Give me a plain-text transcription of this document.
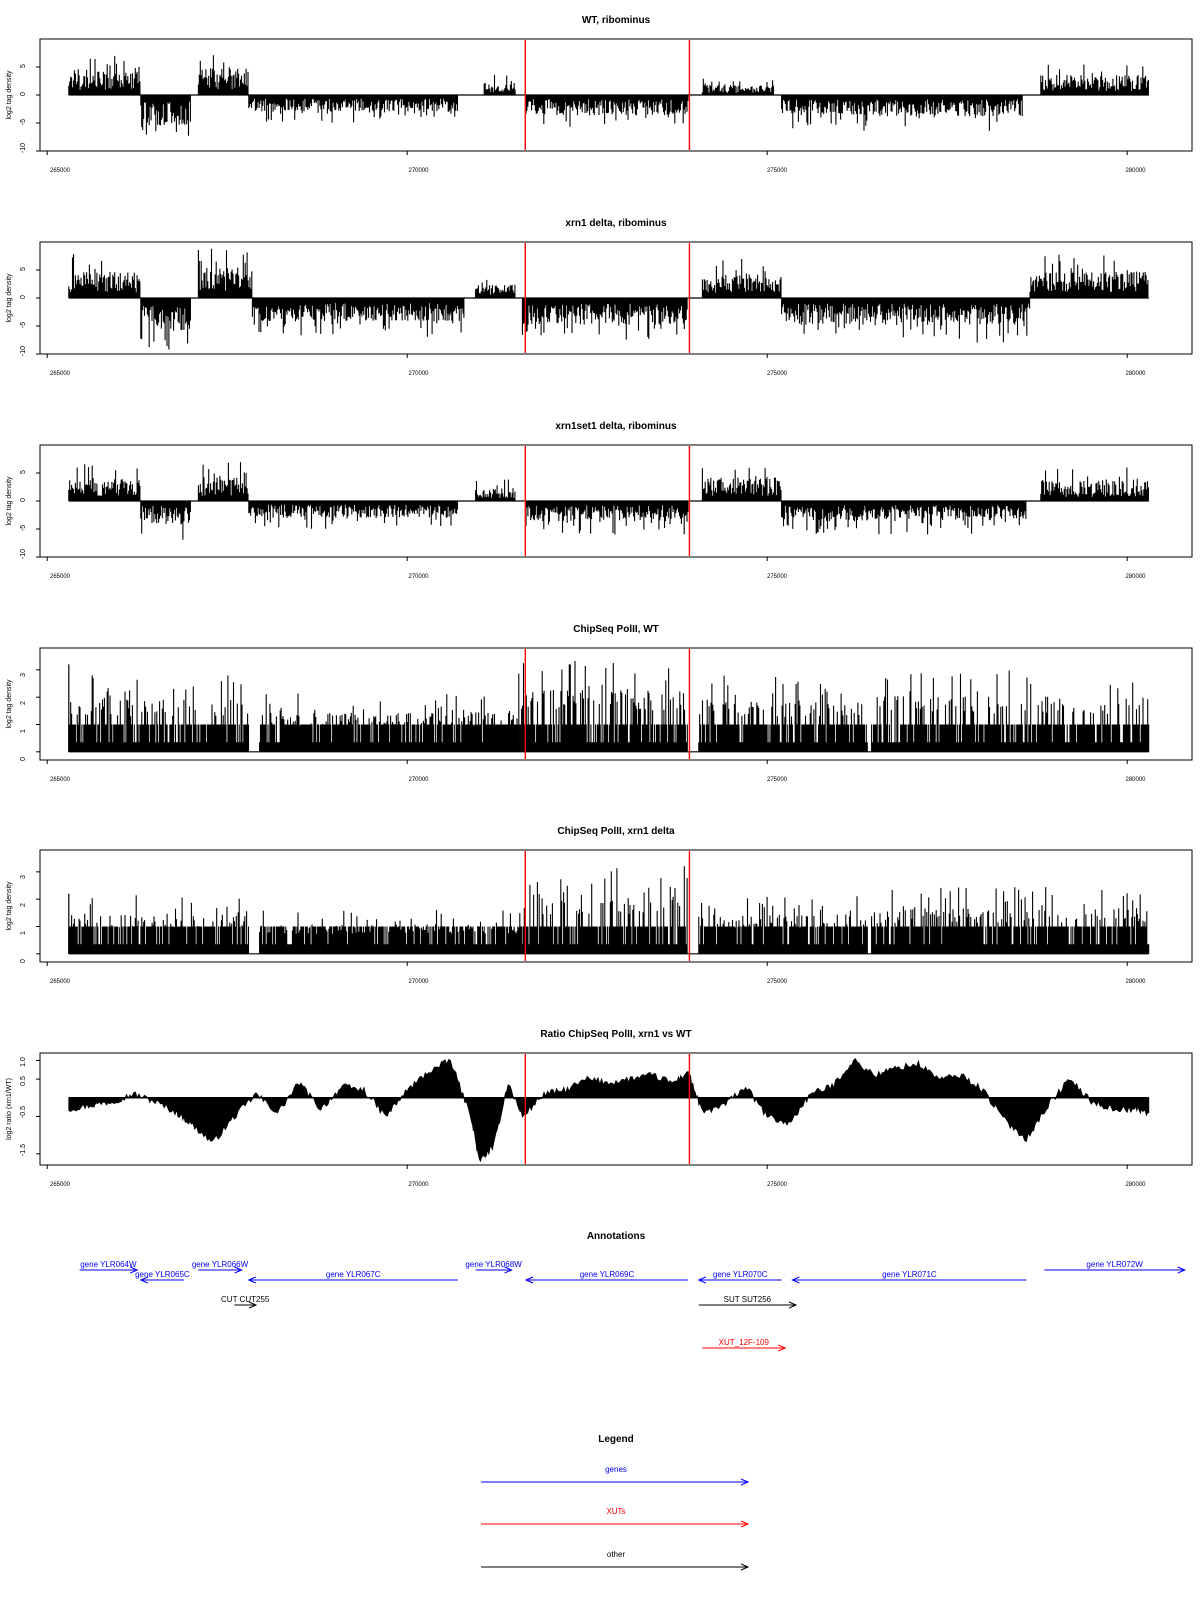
WT, ribominus
log2 tag density
265000	270000	275000	280000
-10
-5
0
5
xrn1 delta, ribominus
log2 tag density
265000	270000	275000	280000
-10
-5
0
5
xrn1set1 delta, ribominus
log2 tag density
265000	270000	275000	280000
-10
-5
0
5
ChipSeq PolII, WT
log2 tag density
265000	270000	275000	280000
0
1
2
3
ChipSeq PolII, xrn1 delta
log2 tag density
265000	270000	275000	280000
0
1
2
3
Ratio ChipSeq PolII, xrn1 vs WT
log2 ratio (xrn1/WT)
265000	270000	275000	280000
-1.5
-0.5
0.5
1.0
Annotations
gene YLR064W
gene YLR065C
gene YLR066W
gene YLR067C
gene YLR068W
gene YLR069C	gene YLR070C	gene YLR071C
gene YLR072W
SUT SUT256
XUT_12F-109
CUT CUT255
Legend
genes
XUTs
other
